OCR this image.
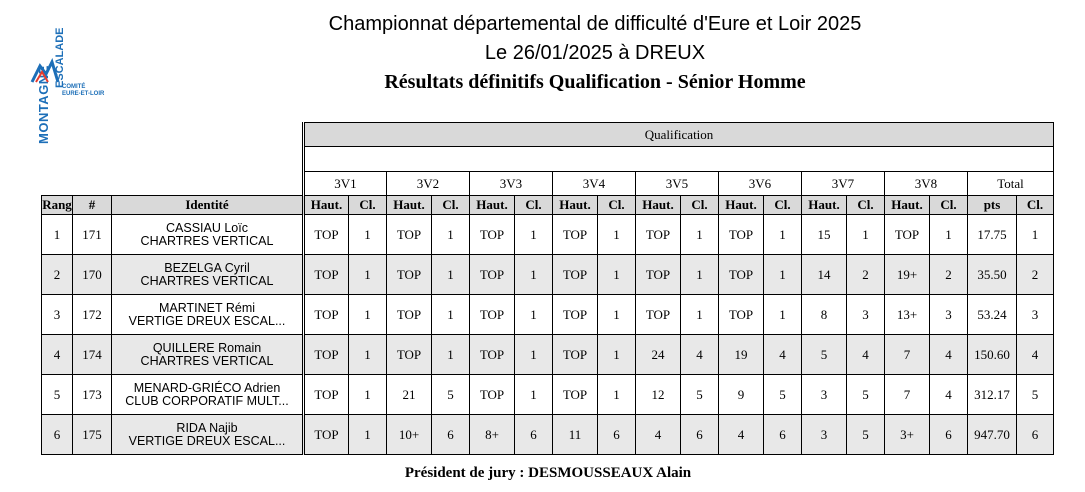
MONTAGNE
ESCALADE
COMITÉ
EURE-ET-LOIR
Championnat départemental de difficulté d'Eure et Loir 2025
Le 26/01/2025 à DREUX
Résultats définitifs Qualification - Sénior Homme
			Qualification																	

			3V1		3V2		3V3		3V4		3V5		3V6		3V7		3V8		Total	
Rang	#	Identité	Haut.	Cl.	Haut.	Cl.	Haut.	Cl.	Haut.	Cl.	Haut.	Cl.	Haut.	Cl.	Haut.	Cl.	Haut.	Cl.	pts	Cl.
1	171	CASSIAU Loïc
CHARTRES VERTICAL	TOP	1	TOP	1	TOP	1	TOP	1	TOP	1	TOP	1	15	1	TOP	1	17.75	1
2	170	BEZELGA Cyril
CHARTRES VERTICAL	TOP	1	TOP	1	TOP	1	TOP	1	TOP	1	TOP	1	14	2	19+	2	35.50	2
3	172	MARTINET Rémi
VERTIGE DREUX ESCAL...	TOP	1	TOP	1	TOP	1	TOP	1	TOP	1	TOP	1	8	3	13+	3	53.24	3
4	174	QUILLERE Romain
CHARTRES VERTICAL	TOP	1	TOP	1	TOP	1	TOP	1	24	4	19	4	5	4	7	4	150.60	4
5	173	MENARD-GRIÉCO Adrien
CLUB CORPORATIF MULT...	TOP	1	21	5	TOP	1	TOP	1	12	5	9	5	3	5	7	4	312.17	5
6	175	RIDA Najib
VERTIGE DREUX ESCAL...	TOP	1	10+	6	8+	6	11	6	4	6	4	6	3	5	3+	6	947.70	6
Président de jury : DESMOUSSEAUX Alain
